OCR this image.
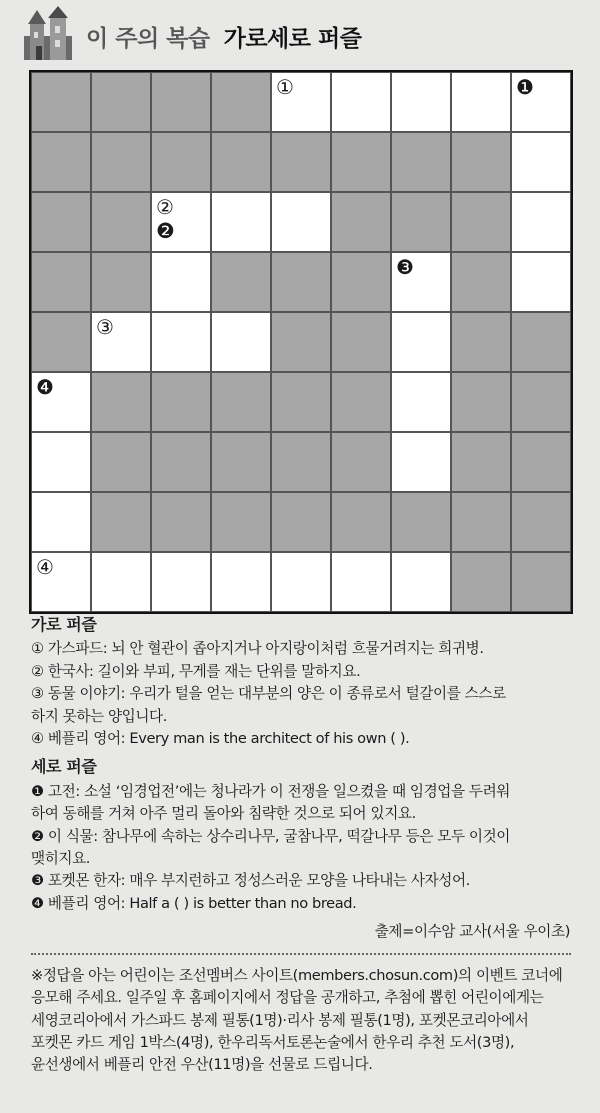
이 주의 복습 가로세로 퍼즐
①	❶
②
❷
❸
③
❹
④
가로 퍼즐
① 가스파드: 뇌 안 혈관이 좁아지거나 아지랑이처럼 흐물거려지는 희귀병.
② 한국사: 길이와 부피, 무게를 재는 단위를 말하지요.
③ 동물 이야기: 우리가 털을 얻는 대부분의 양은 이 종류로서 털갈이를 스스로
하지 못하는 양입니다.
④ 베플리 영어: Every man is the architect of his own ( ).
세로 퍼즐
❶ 고전: 소설 ‘임경업전’에는 청나라가 이 전쟁을 일으켰을 때 임경업을 두려워
하여 동해를 거쳐 아주 멀리 돌아와 침략한 것으로 되어 있지요.
❷ 이 식물: 참나무에 속하는 상수리나무, 굴참나무, 떡갈나무 등은 모두 이것이
맺히지요.
❸ 포켓몬 한자: 매우 부지런하고 정성스러운 모양을 나타내는 사자성어.
❹ 베플리 영어: Half a ( ) is better than no bread.
출제=이수암 교사(서울 우이초)
※정답을 아는 어린이는 조선멤버스 사이트(members.chosun.com)의 이벤트 코너에
응모해 주세요. 일주일 후 홈페이지에서 정답을 공개하고, 추첨에 뽑힌 어린이에게는
세영코리아에서 가스파드 봉제 필통(1명)·리사 봉제 필통(1명), 포켓몬코리아에서
포켓몬 카드 게임 1박스(4명), 한우리독서토론논술에서 한우리 추천 도서(3명),
윤선생에서 베플리 안전 우산(11명)을 선물로 드립니다.
